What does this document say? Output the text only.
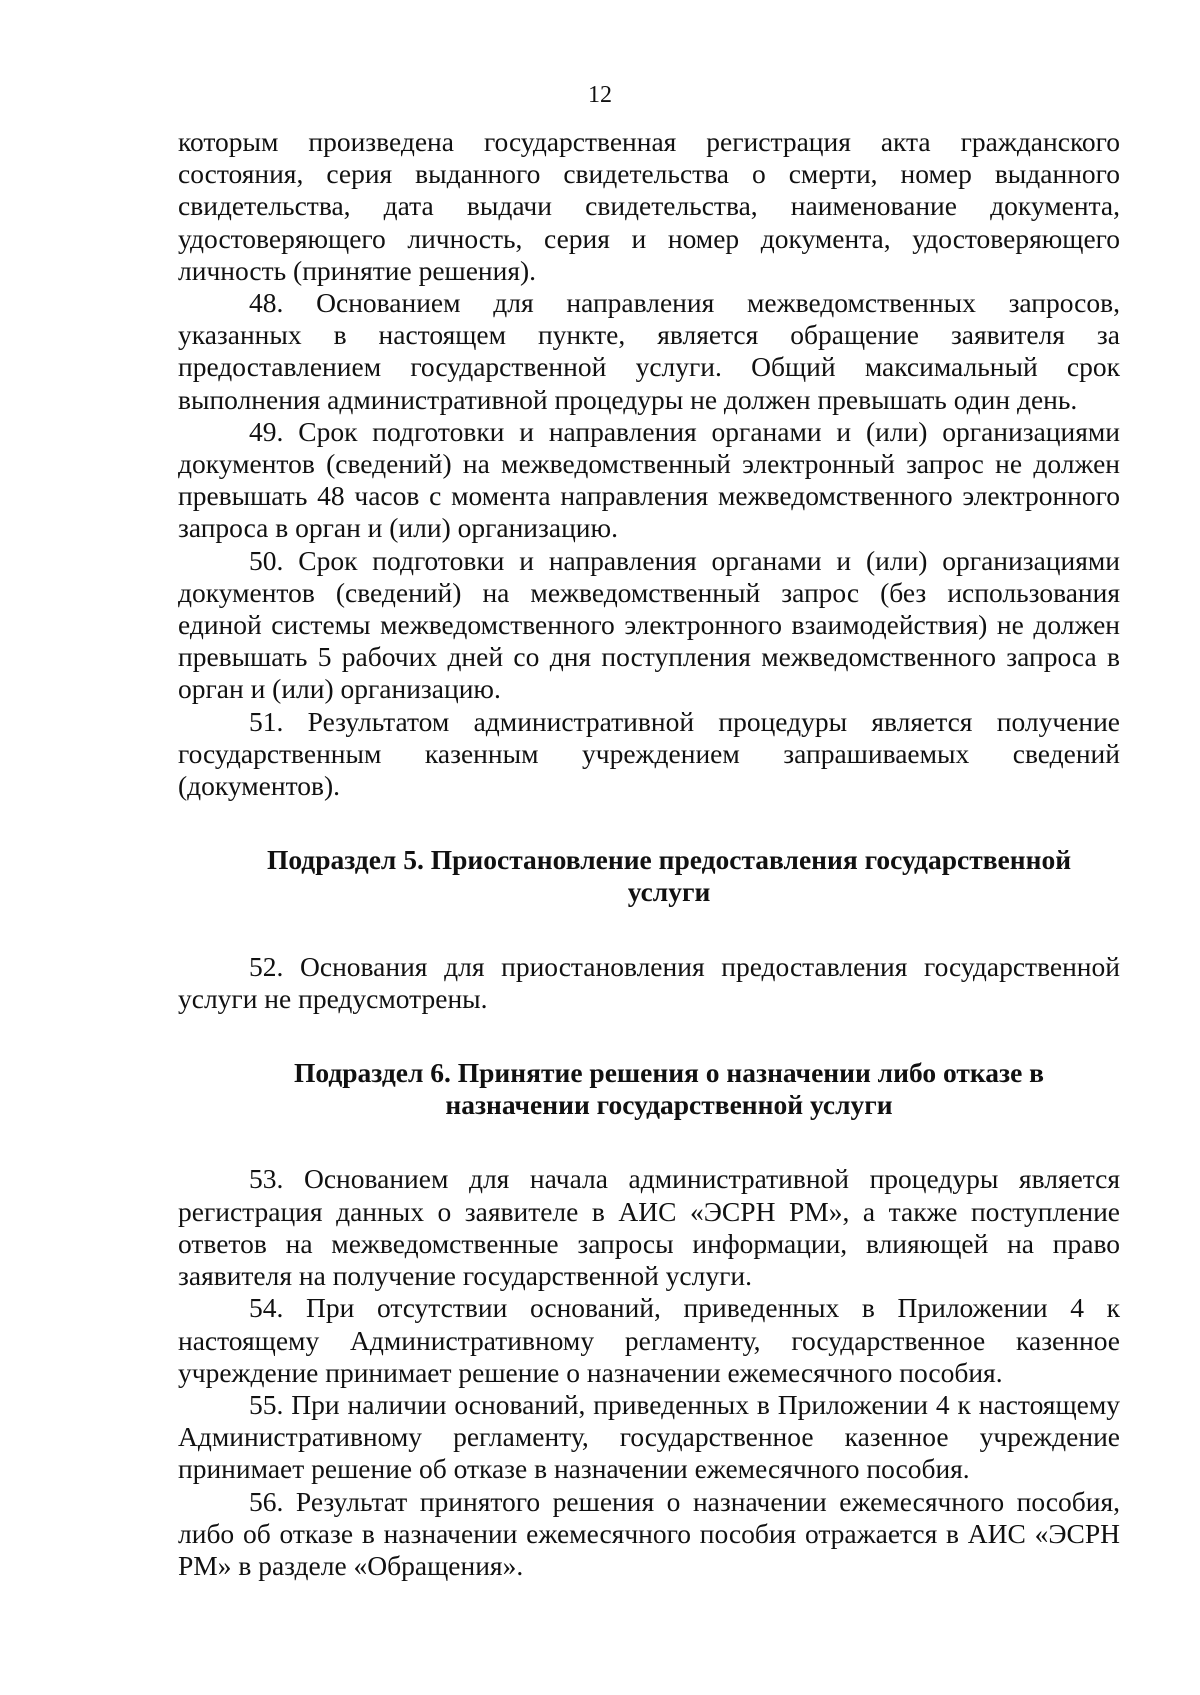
12

которым произведена государственная регистрация акта гражданского состояния, серия выданного свидетельства о смерти, номер выданного свидетельства, дата выдачи свидетельства, наименование документа, удостоверяющего личность, серия и номер документа, удостоверяющего личность (принятие решения).

48. Основанием для направления межведомственных запросов, указанных в настоящем пункте, является обращение заявителя за предоставлением государственной услуги. Общий максимальный срок выполнения административной процедуры не должен превышать один день.

49. Срок подготовки и направления органами и (или) организациями документов (сведений) на межведомственный электронный запрос не должен превышать 48 часов с момента направления межведомственного электронного запроса в орган и (или) организацию.

50. Срок подготовки и направления органами и (или) организациями документов (сведений) на межведомственный запрос (без использования единой системы межведомственного электронного взаимодействия) не должен превышать 5 рабочих дней со дня поступления межведомственного запроса в орган и (или) организацию.

51. Результатом административной процедуры является получение государственным казенным учреждением запрашиваемых сведений (документов).

Подраздел 5. Приостановление предоставления государственной
услуги

52. Основания для приостановления предоставления государственной услуги не предусмотрены.

Подраздел 6. Принятие решения о назначении либо отказе в
назначении государственной услуги

53. Основанием для начала административной процедуры является регистрация данных о заявителе в АИС «ЭСРН РМ», а также поступление ответов на межведомственные запросы информации, влияющей на право заявителя на получение государственной услуги.

54. При отсутствии оснований, приведенных в Приложении 4 к настоящему Административному регламенту, государственное казенное учреждение принимает решение о назначении ежемесячного пособия.

55. При наличии оснований, приведенных в Приложении 4 к настоящему Административному регламенту, государственное казенное учреждение принимает решение об отказе в назначении ежемесячного пособия.

56. Результат принятого решения о назначении ежемесячного пособия, либо об отказе в назначении ежемесячного пособия отражается в АИС «ЭСРН РМ» в разделе «Обращения».
